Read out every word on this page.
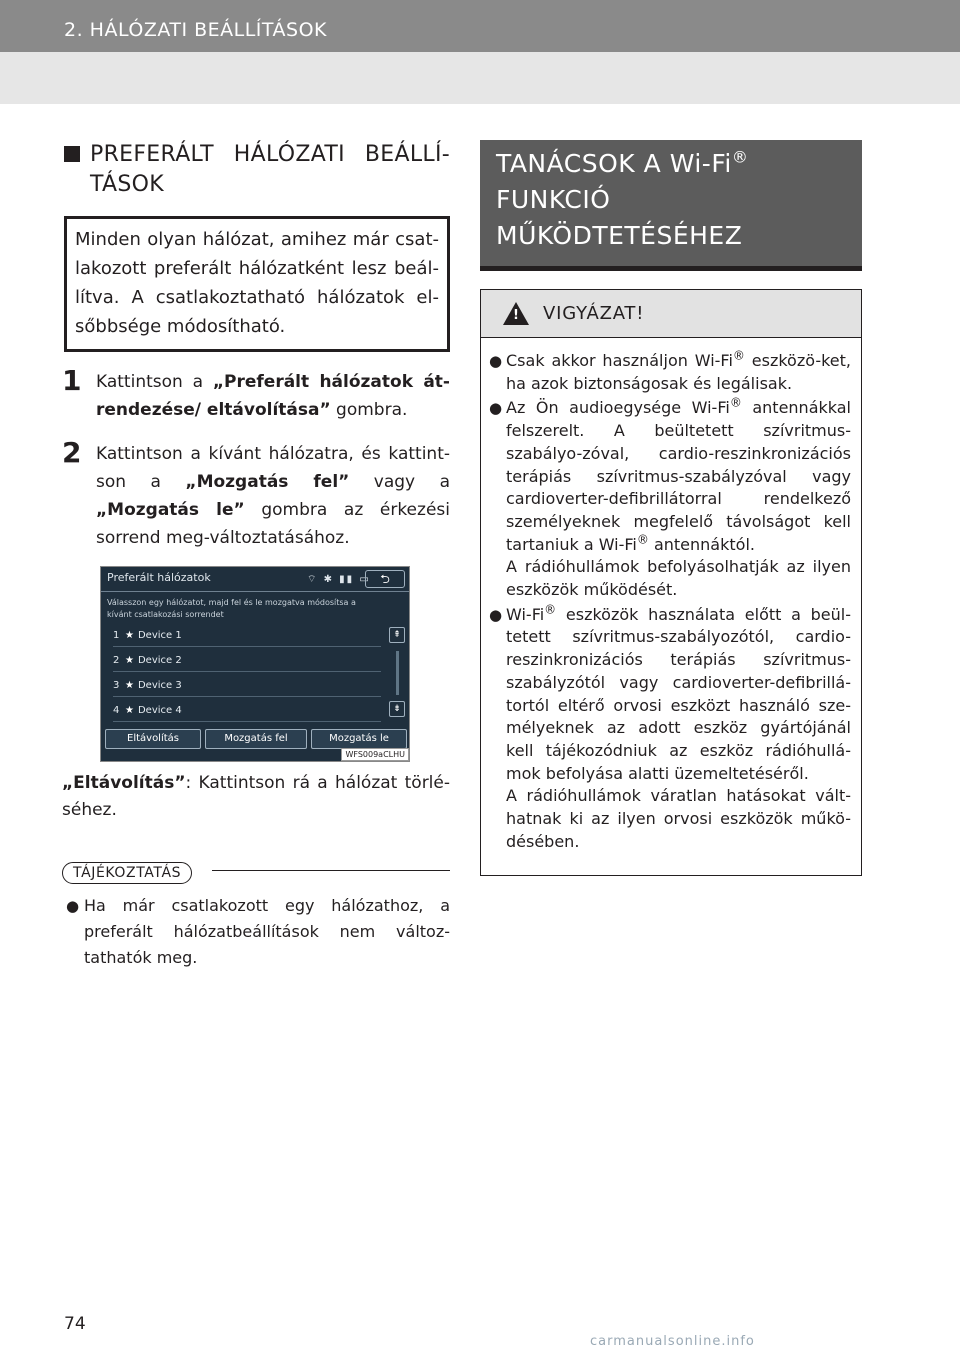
2. HÁLÓZATI BEÁLLÍTÁSOK
PREFERÁLT HÁLÓZATI BEÁLLÍ-TÁSOK
Minden olyan hálózat, amihez már csat-lakozott preferált hálózatként lesz beál-lítva. A csatlakoztatható hálózatok el-sőbbsége módosítható.
1 Kattintson a „Preferált hálózatok át-rendezése/ eltávolítása” gombra.
2 Kattintson a kívánt hálózatra, és kattint-son a „Mozgatás fel” vagy a „Mozgatás le” gombra az érkezési sorrend meg-változtatásához.
Preferált hálózatok	⌔ ✱ ▮▮ ▭ ⮌
Válasszon egy hálózatot, majd fel és le mozgatva módosítsa a kívánt csatlakozási sorrendet
1 ★ Device 1
2 ★ Device 2
3 ★ Device 3
4 ★ Device 4
⇞
⇟
Eltávolítás	Mozgatás fel	Mozgatás le
WFS009aCLHU
„Eltávolítás”: Kattintson rá a hálózat törlé-séhez.
TÁJÉKOZTATÁS
● Ha már csatlakozott egy hálózathoz, a preferált hálózatbeállítások nem változ-tathatók meg.
TANÁCSOK A Wi-Fi®
FUNKCIÓ
MŰKÖDTETÉSÉHEZ
! VIGYÁZAT!
● Csak akkor használjon Wi-Fi® eszközö-ket, ha azok biztonságosak és legálisak.
● Az Ön audioegysége Wi-Fi® antennákkal felszerelt. A beültetett szívritmus-szabályo-zóval, cardio-reszinkronizációs terápiás szívritmus-szabályzóval vagy cardioverter-defibrillátorral rendelkező személyeknek megfelelő távolságot kell tartaniuk a Wi-Fi® antennáktól.
A rádióhullámok befolyásolhatják az ilyen eszközök működését.
● Wi-Fi® eszközök használata előtt a beül-tetett szívritmus-szabályozótól, cardio-reszinkronizációs terápiás szívritmus-szabályzótól vagy cardioverter-defibrillá-tortól eltérő orvosi eszközt használó sze-mélyeknek az adott eszköz gyártójánál kell tájékozódniuk az eszköz rádióhullá-mok befolyása alatti üzemeltetéséről.
A rádióhullámok váratlan hatásokat vált-hatnak ki az ilyen orvosi eszközök műkö-désében.
74
carmanualsonline.info
